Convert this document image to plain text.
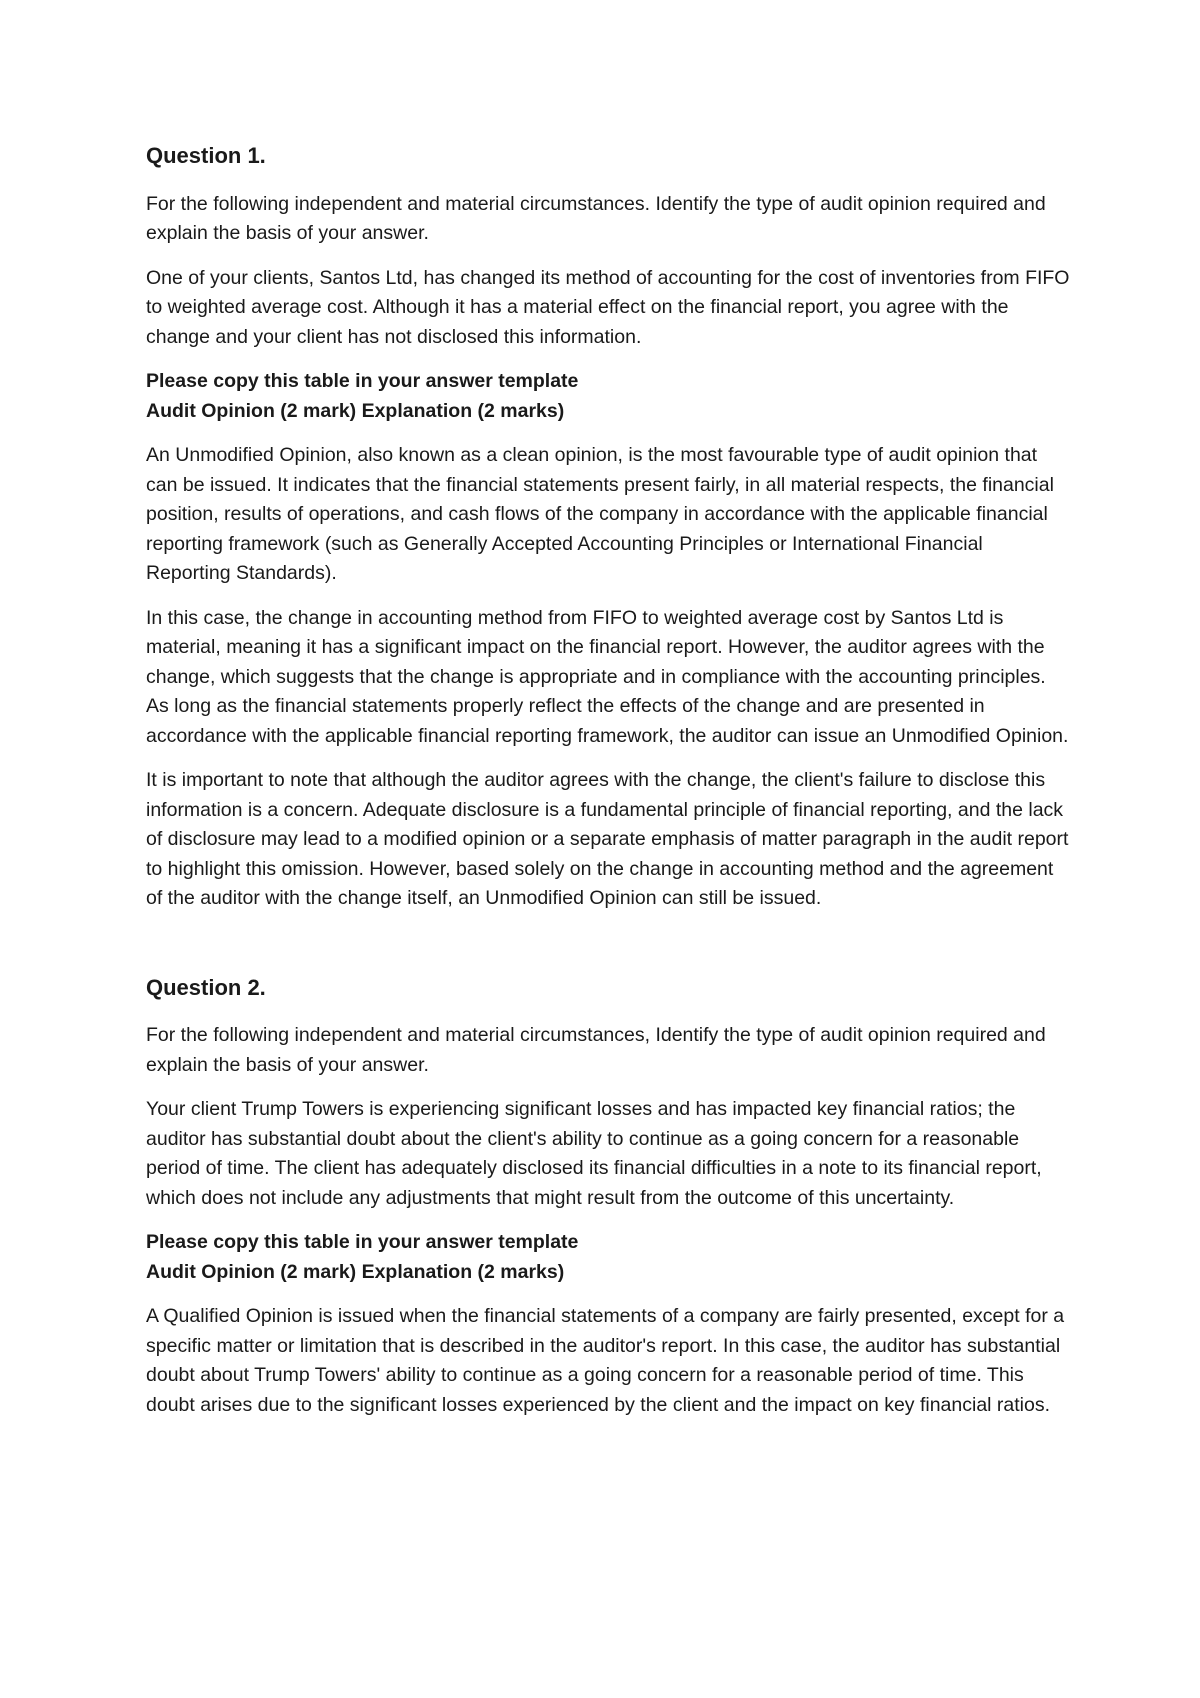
Question 1.

For the following independent and material circumstances. Identify the type of audit opinion required and explain the basis of your answer.

One of your clients, Santos Ltd, has changed its method of accounting for the cost of inventories from FIFO to weighted average cost. Although it has a material effect on the financial report, you agree with the change and your client has not disclosed this information.

Please copy this table in your answer template
Audit Opinion (2 mark) Explanation (2 marks)

An Unmodified Opinion, also known as a clean opinion, is the most favourable type of audit opinion that can be issued. It indicates that the financial statements present fairly, in all material respects, the financial position, results of operations, and cash flows of the company in accordance with the applicable financial reporting framework (such as Generally Accepted Accounting Principles or International Financial Reporting Standards).

In this case, the change in accounting method from FIFO to weighted average cost by Santos Ltd is material, meaning it has a significant impact on the financial report. However, the auditor agrees with the change, which suggests that the change is appropriate and in compliance with the accounting principles. As long as the financial statements properly reflect the effects of the change and are presented in accordance with the applicable financial reporting framework, the auditor can issue an Unmodified Opinion.

It is important to note that although the auditor agrees with the change, the client's failure to disclose this information is a concern. Adequate disclosure is a fundamental principle of financial reporting, and the lack of disclosure may lead to a modified opinion or a separate emphasis of matter paragraph in the audit report to highlight this omission. However, based solely on the change in accounting method and the agreement of the auditor with the change itself, an Unmodified Opinion can still be issued.

Question 2.

For the following independent and material circumstances, Identify the type of audit opinion required and explain the basis of your answer.

Your client Trump Towers is experiencing significant losses and has impacted key financial ratios; the auditor has substantial doubt about the client's ability to continue as a going concern for a reasonable period of time. The client has adequately disclosed its financial difficulties in a note to its financial report, which does not include any adjustments that might result from the outcome of this uncertainty.

Please copy this table in your answer template
Audit Opinion (2 mark) Explanation (2 marks)

A Qualified Opinion is issued when the financial statements of a company are fairly presented, except for a specific matter or limitation that is described in the auditor's report. In this case, the auditor has substantial doubt about Trump Towers' ability to continue as a going concern for a reasonable period of time. This doubt arises due to the significant losses experienced by the client and the impact on key financial ratios.
